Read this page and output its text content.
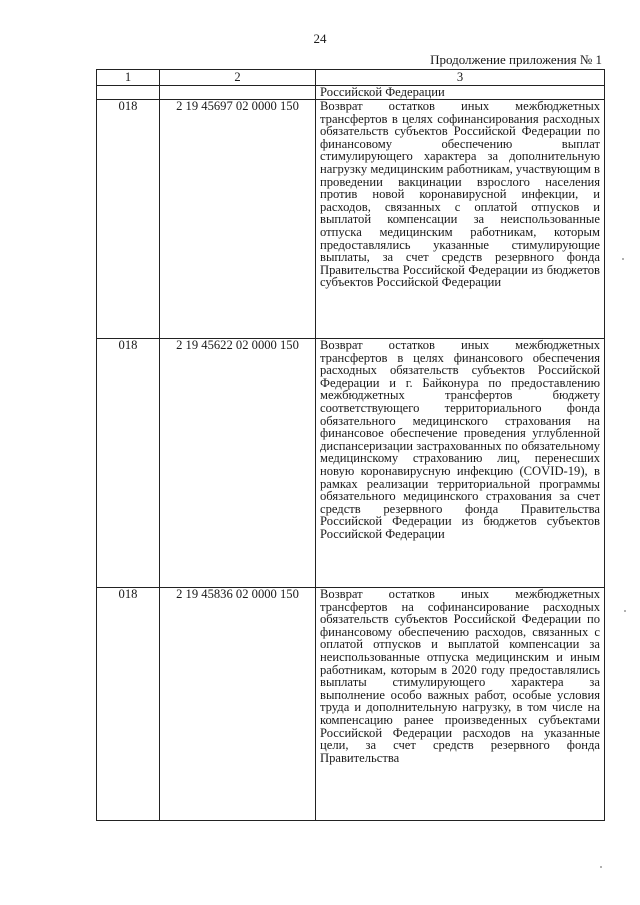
24
Продолжение приложения № 1
1	2	3
		Российской Федерации
018	2 19 45697 02 0000 150	Возврат остатков иных межбюджетных трансфертов в целях софинансирования расходных обязательств субъектов Российской Федерации по финансовому обеспечению выплат стимулирующего характера за дополнительную нагрузку медицинским работникам, участвующим в проведении вакцинации взрослого населения против новой коронавирусной инфекции, и расходов, связанных с оплатой отпусков и выплатой компенсации за неиспользованные отпуска медицинским работникам, которым предоставлялись указанные стимулирующие выплаты, за счет средств резервного фонда Правительства Российской Федерации из бюджетов субъектов Российской Федерации
018	2 19 45622 02 0000 150	Возврат остатков иных межбюджетных трансфертов в целях финансового обеспечения расходных обязательств субъектов Российской Федерации и г. Байконура по предоставлению межбюджетных трансфертов бюджету соответствующего территориального фонда обязательного медицинского страхования на финансовое обеспечение проведения углубленной диспансеризации застрахованных по обязательному медицинскому страхованию лиц, перенесших новую коронавирусную инфекцию (COVID-19), в рамках реализации территориальной программы обязательного медицинского страхования за счет средств резервного фонда Правительства Российской Федерации из бюджетов субъектов Российской Федерации
018	2 19 45836 02 0000 150	Возврат остатков иных межбюджетных трансфертов на софинансирование расходных обязательств субъектов Российской Федерации по финансовому обеспечению расходов, связанных с оплатой отпусков и выплатой компенсации за неиспользованные отпуска медицинским и иным работникам, которым в 2020 году предоставлялись выплаты стимулирующего характера за выполнение особо важных работ, особые условия труда и дополнительную нагрузку, в том числе на компенсацию ранее произведенных субъектами Российской Федерации расходов на указанные цели, за счет средств резервного фонда Правительства
